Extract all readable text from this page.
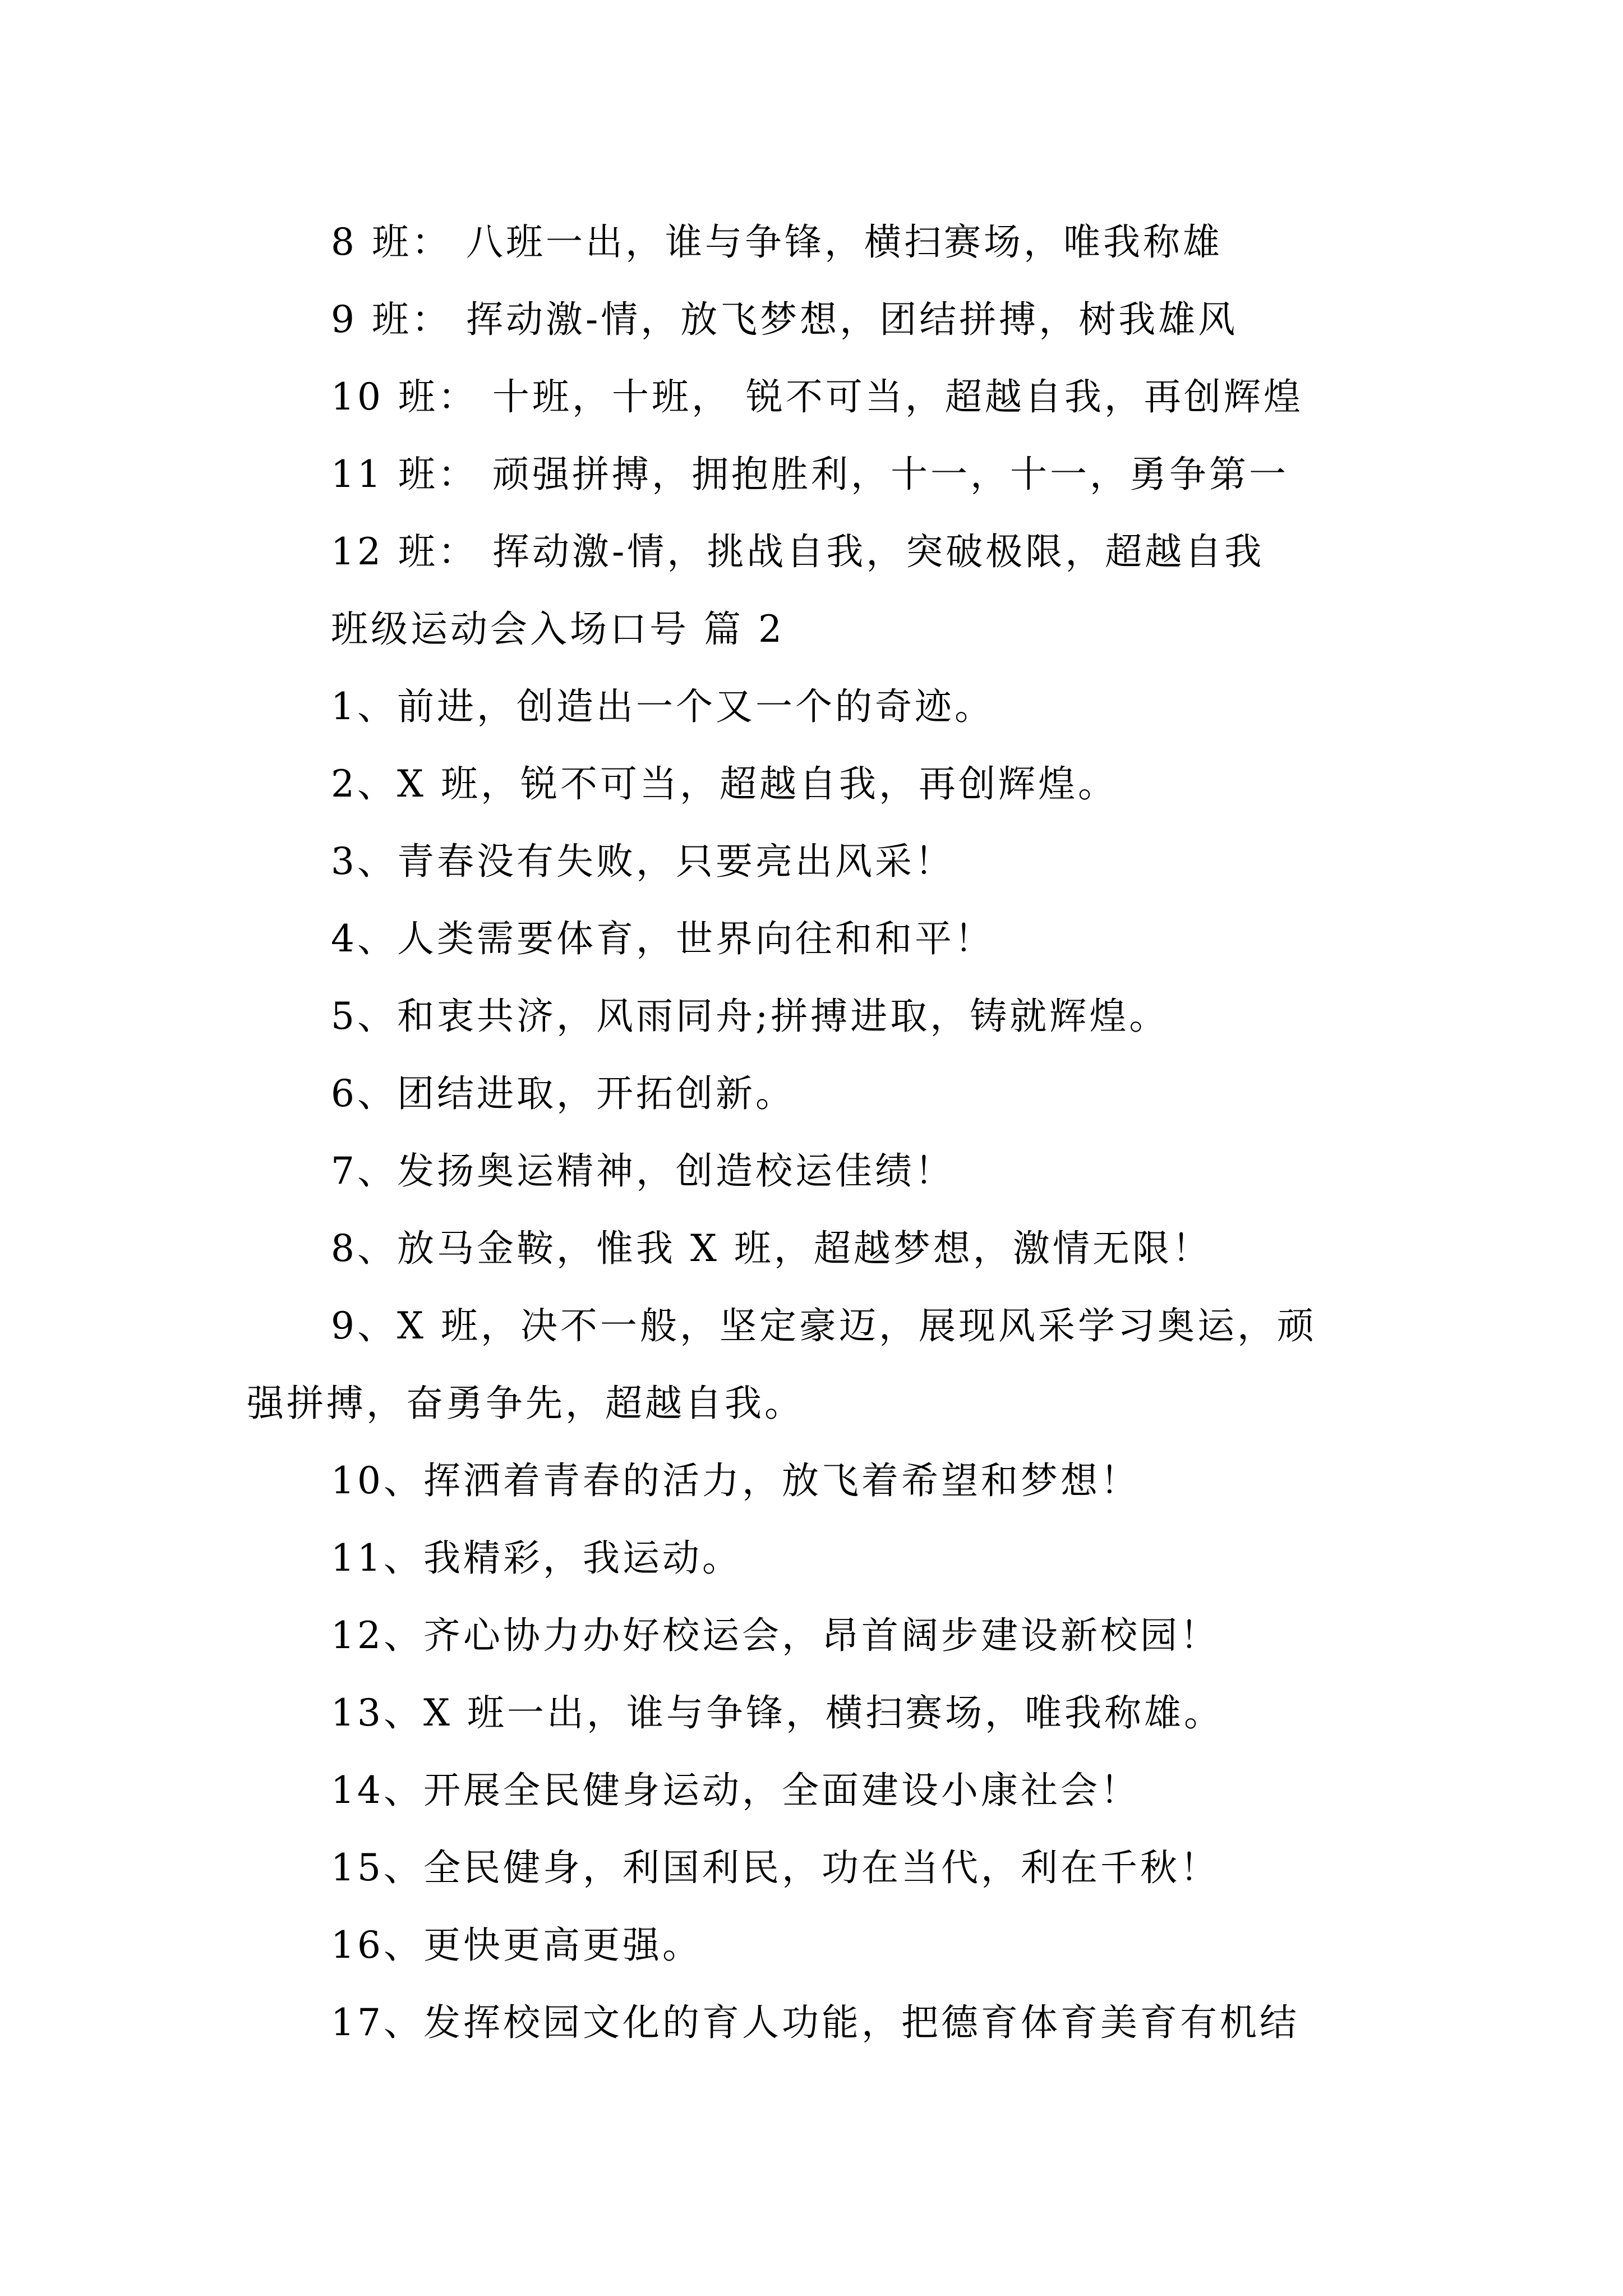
8 班： 八班一出，谁与争锋，横扫赛场，唯我称雄

9 班： 挥动激-情，放飞梦想，团结拼搏，树我雄风

10 班： 十班，十班， 锐不可当，超越自我，再创辉煌

11 班： 顽强拼搏，拥抱胜利，十一，十一，勇争第一

12 班： 挥动激-情，挑战自我，突破极限，超越自我

班级运动会入场口号 篇 2

1、前进，创造出一个又一个的奇迹。

2、X 班，锐不可当，超越自我，再创辉煌。

3、青春没有失败，只要亮出风采！

4、人类需要体育，世界向往和和平！

5、和衷共济，风雨同舟;拼搏进取，铸就辉煌。

6、团结进取，开拓创新。

7、发扬奥运精神，创造校运佳绩！

8、放马金鞍，惟我 X 班，超越梦想，激情无限！

9、X 班，决不一般，坚定豪迈，展现风采学习奥运，顽

强拼搏，奋勇争先，超越自我。

10、挥洒着青春的活力，放飞着希望和梦想！

11、我精彩，我运动。

12、齐心协力办好校运会，昂首阔步建设新校园！

13、X 班一出，谁与争锋，横扫赛场，唯我称雄。

14、开展全民健身运动，全面建设小康社会！

15、全民健身，利国利民，功在当代，利在千秋！

16、更快更高更强。

17、发挥校园文化的育人功能，把德育体育美育有机结
